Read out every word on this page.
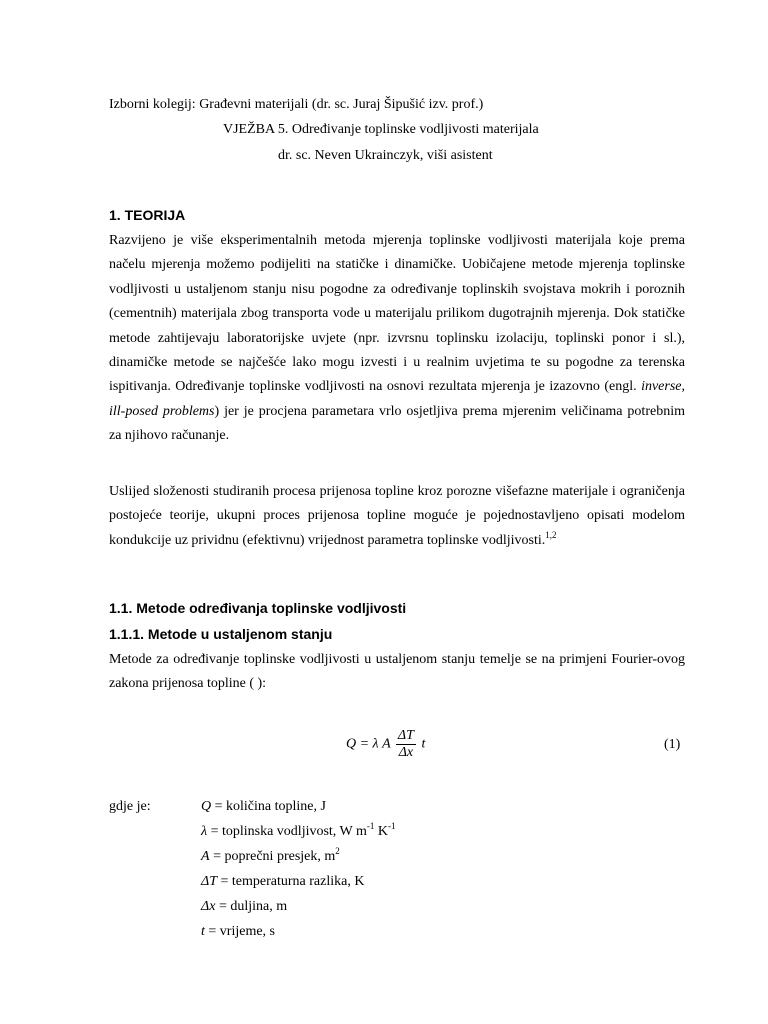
Izborni kolegij: Građevni materijali (dr. sc. Juraj Šipušić izv. prof.)
VJEŽBA 5. Određivanje toplinske vodljivosti materijala
dr. sc. Neven Ukrainczyk, viši asistent
1. TEORIJA

Razvijeno je više eksperimentalnih metoda mjerenja toplinske vodljivosti materijala koje prema načelu mjerenja možemo podijeliti na statičke i dinamičke. Uobičajene metode mjerenja toplinske vodljivosti u ustaljenom stanju nisu pogodne za određivanje toplinskih svojstava mokrih i poroznih (cementnih) materijala zbog transporta vode u materijalu prilikom dugotrajnih mjerenja. Dok statičke metode zahtijevaju laboratorijske uvjete (npr. izvrsnu toplinsku izolaciju, toplinski ponor i sl.), dinamičke metode se najčešće lako mogu izvesti i u realnim uvjetima te su pogodne za terenska ispitivanja. Određivanje toplinske vodljivosti na osnovi rezultata mjerenja je izazovno (engl. inverse, ill-posed problems) jer je procjena parametara vrlo osjetljiva prema mjerenim veličinama potrebnim za njihovo računanje.

Uslijed složenosti studiranih procesa prijenosa topline kroz porozne višefazne materijale i ograničenja postojeće teorije, ukupni proces prijenosa topline moguće je pojednostavljeno opisati modelom kondukcije uz prividnu (efektivnu) vrijednost parametra toplinske vodljivosti.$^{1,2}$

1.1. Metode određivanja toplinske vodljivosti
1.1.1. Metode u ustaljenom stanju

Metode za određivanje toplinske vodljivosti u ustaljenom stanju temelje se na primjeni Fourier-ovog zakona prijenosa topline ( ):

Q = λ A $\frac{\Delta T}{\Delta x}$ t	(1)
gdje je:	Q = količina topline, J
λ = toplinska vodljivost, W $m^{-1}$ $K^{-1}$
A = poprečni presjek, $m^2$
ΔT = temperaturna razlika, K
Δx = duljina, m
t = vrijeme, s
